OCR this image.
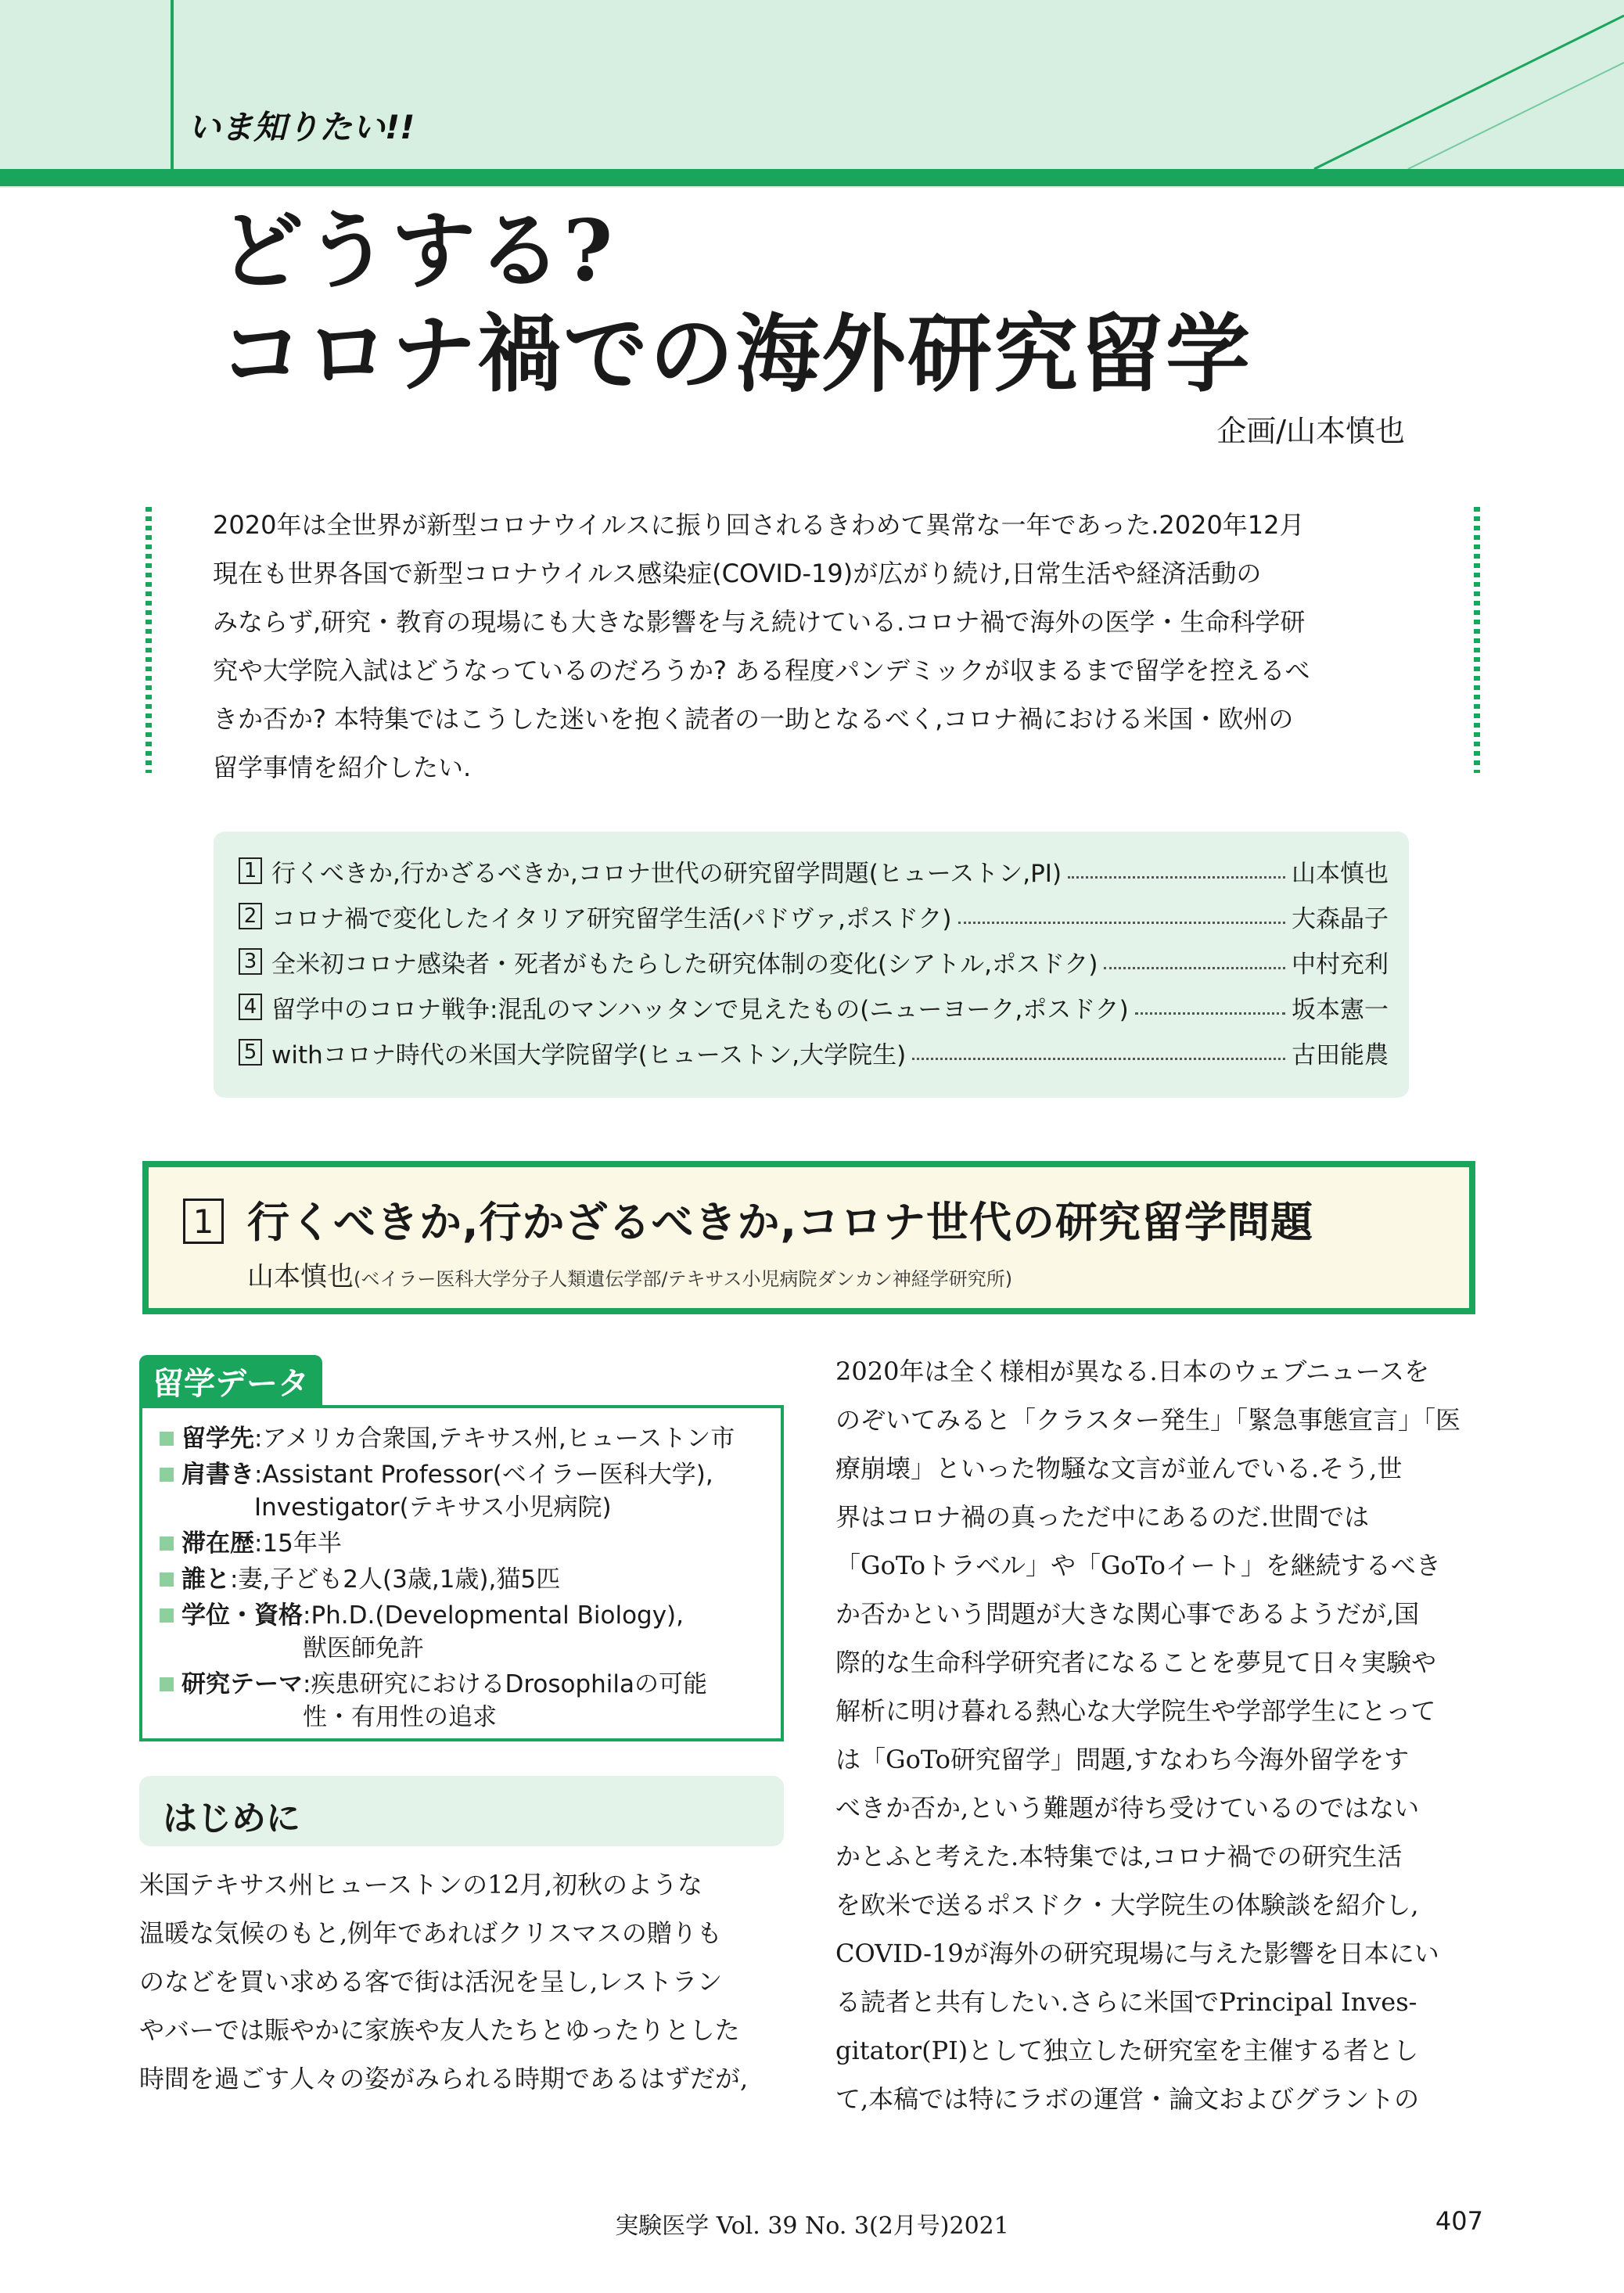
いま知りたい!!
どうする?
コロナ禍での海外研究留学
企画/山本慎也
2020年は全世界が新型コロナウイルスに振り回されるきわめて異常な一年であった.2020年12月
現在も世界各国で新型コロナウイルス感染症(COVID-19)が広がり続け,日常生活や経済活動の
みならず,研究・教育の現場にも大きな影響を与え続けている.コロナ禍で海外の医学・生命科学研
究や大学院入試はどうなっているのだろうか? ある程度パンデミックが収まるまで留学を控えるべ
きか否か? 本特集ではこうした迷いを抱く読者の一助となるべく,コロナ禍における米国・欧州の
留学事情を紹介したい.
1 行くべきか,行かざるべきか,コロナ世代の研究留学問題(ヒューストン,PI)	山本慎也
2 コロナ禍で変化したイタリア研究留学生活(パドヴァ,ポスドク)	大森晶子
3 全米初コロナ感染者・死者がもたらした研究体制の変化(シアトル,ポスドク)	中村充利
4 留学中のコロナ戦争:混乱のマンハッタンで見えたもの(ニューヨーク,ポスドク)	坂本憲一
5 withコロナ時代の米国大学院留学(ヒューストン,大学院生)	古田能農
1 行くべきか,行かざるべきか,コロナ世代の研究留学問題
山本慎也(ベイラー医科大学分子人類遺伝学部/テキサス小児病院ダンカン神経学研究所)
留学データ
留学先 :アメリカ合衆国,テキサス州,ヒューストン市
肩書き :Assistant Professor(ベイラー医科大学),
Investigator(テキサス小児病院)
滞在歴 :15年半
誰と :妻,子ども2人(3歳,1歳),猫5匹
学位・資格 :Ph.D.(Developmental Biology),
獣医師免許
研究テーマ :疾患研究におけるDrosophilaの可能
性・有用性の追求
はじめに
米国テキサス州ヒューストンの12月,初秋のような
温暖な気候のもと,例年であればクリスマスの贈りも
のなどを買い求める客で街は活況を呈し,レストラン
やバーでは賑やかに家族や友人たちとゆったりとした
時間を過ごす人々の姿がみられる時期であるはずだが,
2020年は全く様相が異なる.日本のウェブニュースを
のぞいてみると「クラスター発生」「緊急事態宣言」「医
療崩壊」といった物騒な文言が並んでいる.そう,世
界はコロナ禍の真っただ中にあるのだ.世間では
「GoToトラベル」や「GoToイート」を継続するべき
か否かという問題が大きな関心事であるようだが,国
際的な生命科学研究者になることを夢見て日々実験や
解析に明け暮れる熱心な大学院生や学部学生にとって
は「GoTo研究留学」問題,すなわち今海外留学をす
べきか否か,という難題が待ち受けているのではない
かとふと考えた.本特集では,コロナ禍での研究生活
を欧米で送るポスドク・大学院生の体験談を紹介し,
COVID-19が海外の研究現場に与えた影響を日本にい
る読者と共有したい.さらに米国でPrincipal Inves-
gitator(PI)として独立した研究室を主催する者とし
て,本稿では特にラボの運営・論文およびグラントの
実験医学 Vol. 39 No. 3(2月号)2021	407
